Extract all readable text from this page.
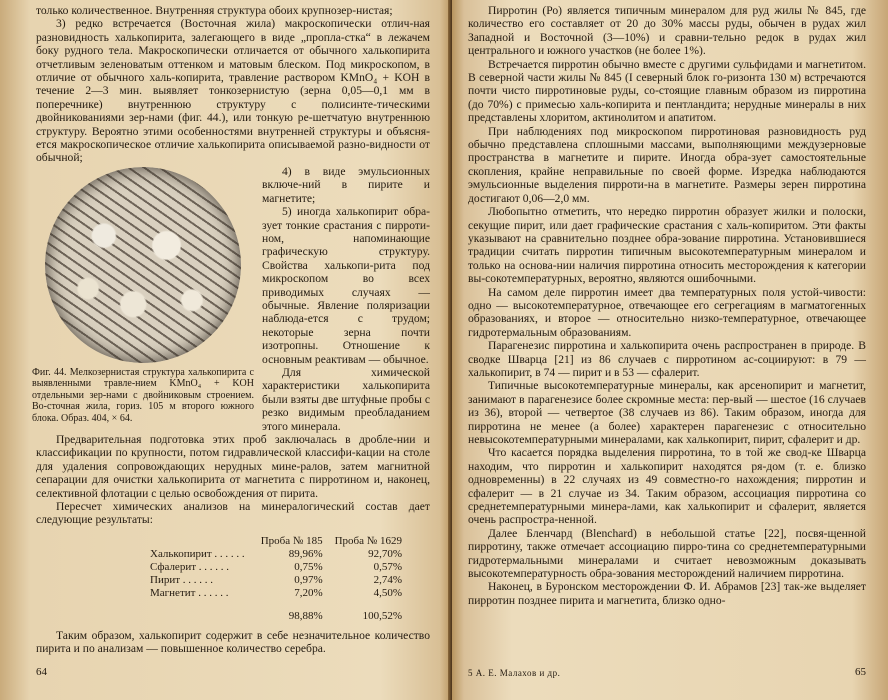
только количественное. Внутренняя структура обоих крупнозер-нистая;

3) редко встречается (Восточная жила) макроскопически отлич-ная разновидность халькопирита, залегающего в виде „пропла-стка“ в лежачем боку рудного тела. Макроскопически отличается от обычного халькопирита отчетливым зеленоватым оттенком и матовым блеском. Под микроскопом, в отличие от обычного халь-копирита, травление раствором KMnO₄ + KOH в течение 2—3 мин. выявляет тонкозернистую (зерна 0,05—0,1 мм в поперечнике) внутреннюю структуру с полисинте-тическими двойникованиями зер-нами (фиг. 44.), или тонкую ре-шетчатую внутреннюю структуру. Вероятно этими особенностями внутренней структуры и объясня-ется макроскопическое отличие халькопирита описываемой разно-видности от обычной;

Фиг. 44. Мелкозернистая структура халькопирита с выявленными травле-нием KMnO₄ + KOH отдельными зер-нами с двойниковым строением. Во-сточная жила, гориз. 105 м второго южного блока. Образ. 404, × 64.

4) в виде эмульсионных включе-ний в пирите и магнетите;

5) иногда халькопирит обра-зует тонкие срастания с пирроти-ном, напоминающие графическую структуру. Свойства халькопи-рита под микроскопом во всех приводимых случаях — обычные. Явление поляризации наблюда-ется с трудом; некоторые зерна почти изотропны. Отношение к основным реактивам — обычное.

Для химической характеристики халькопирита были взяты две штуфные пробы с резко видимым преобладанием этого минерала.

Предварительная подготовка этих проб заключалась в дробле-нии и классификации по крупности, потом гидравлической классифи-кации на столе для удаления сопровождающих нерудных мине-ралов, затем магнитной сепарации для очистки халькопирита от магнетита с пирротином и, наконец, селективной флотации с целью освобождения от пирита.

Пересчет химических анализов на минералогический состав дает следующие результаты:

	Проба № 185	Проба № 1629
Халькопирит . . . . . .	89,96%	92,70%
Сфалерит . . . . . .	0,75%	0,57%
Пирит . . . . . .	0,97%	2,74%
Магнетит . . . . . .	7,20%	4,50%
	98,88%	100,52%

Таким образом, халькопирит содержит в себе незначительное количество пирита и по анализам — повышенное количество серебра.

64

Пирротин (Ро) является типичным минералом для руд жилы № 845, где количество его составляет от 20 до 30% массы руды, обычен в рудах жил Западной и Восточной (3—10%) и сравни-тельно редок в рудах жил центрального и южного участков (не более 1%).

Встречается пирротин обычно вместе с другими сульфидами и магнетитом. В северной части жилы № 845 (I северный блок го-ризонта 130 м) встречаются почти чисто пирротиновые руды, со-стоящие главным образом из пирротина (до 70%) с примесью халь-копирита и пентландита; нерудные минералы в них представлены хлоритом, актинолитом и апатитом.

При наблюдениях под микроскопом пирротиновая разновидность руд обычно представлена сплошными массами, выполняющими междузерновые пространства в магнетите и пирите. Иногда обра-зует самостоятельные скопления, крайне неправильные по своей форме. Изредка наблюдаются эмульсионные выделения пирроти-на в магнетите. Размеры зерен пирротина достигают 0,06—2,0 мм.

Любопытно отметить, что нередко пирротин образует жилки и полоски, секущие пирит, или дает графические срастания с халь-копиритом. Эти факты указывают на сравнительно позднее обра-зование пирротина. Установившиеся традиции считать пирротин типичным высокотемпературным минералом и только на основа-нии наличия пирротина относить месторождения к категории вы-сокотемпературных, вероятно, являются ошибочными.

На самом деле пирротин имеет два температурных поля устой-чивости: одно — высокотемпературное, отвечающее его сегрегациям в магматогенных образованиях, и второе — относительно низко-температурное, отвечающее гидротермальным образованиям.

Парагенезис пирротина и халькопирита очень распространен в природе. В сводке Шварца [21] из 86 случаев с пирротином ас-социируют: в 79 — халькопирит, в 74 — пирит и в 53 — сфалерит.

Типичные высокотемпературные минералы, как арсенопирит и магнетит, занимают в парагенезисе более скромные места: пер-вый — шестое (16 случаев из 36), второй — четвертое (38 случаев из 86). Таким образом, иногда для пирротина не менее (а более) характерен парагенезис с относительно невысокотемпературными минералами, как халькопирит, пирит, сфалерит и др.

Что касается порядка выделения пирротина, то в той же свод-ке Шварца находим, что пирротин и халькопирит находятся ря-дом (т. е. близко одновременны) в 22 случаях из 49 совместно-го нахождения; пирротин и сфалерит — в 21 случае из 34. Таким образом, ассоциация пирротина со среднетемпературными минера-лами, как халькопирит и сфалерит, является очень распростра-ненной.

Далее Бленчард (Blenchard) в небольшой статье [22], посвя-щенной пирротину, также отмечает ассоциацию пирро-тина со среднетемпературными гидротермальными минералами и считает невозможным доказывать высокотемпературность обра-зования месторождений наличием пирротина.

Наконец, в Буронском месторождении Ф. И. Абрамов [23] так-же выделяет пирротин позднее пирита и магнетита, близко одно-

5 А. Е. Малахов и др.	65
